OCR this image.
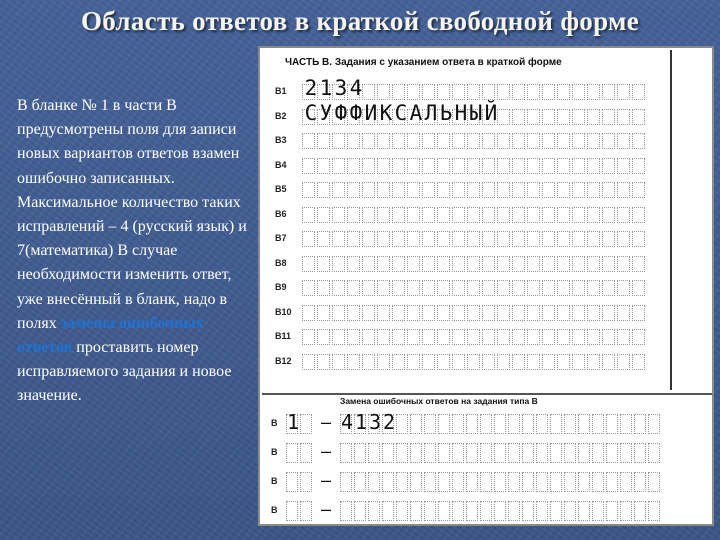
Область ответов в краткой свободной форме
В бланке № 1 в части В предусмотрены поля для записи новых вариантов ответов взамен ошибочно записанных. Максимальное количество таких исправлений – 4 (русский язык) и 7(математика) В случае необходимости изменить ответ, уже внесённый в бланк, надо в полях замены ошибочных ответов проставить номер исправляемого задания и новое значение.
ЧАСТЬ В. Задания с указанием ответа в краткой форме
B1 2 1 3 4
B2 С У Ф Ф И К С А Л Ь Н Ы Й
B3
B4
B5
B6
B7
B8
B9
B10
B11
B12
Замена ошибочных ответов на задания типа В
B –
1 4 1 3 2
B –
B –
B –
